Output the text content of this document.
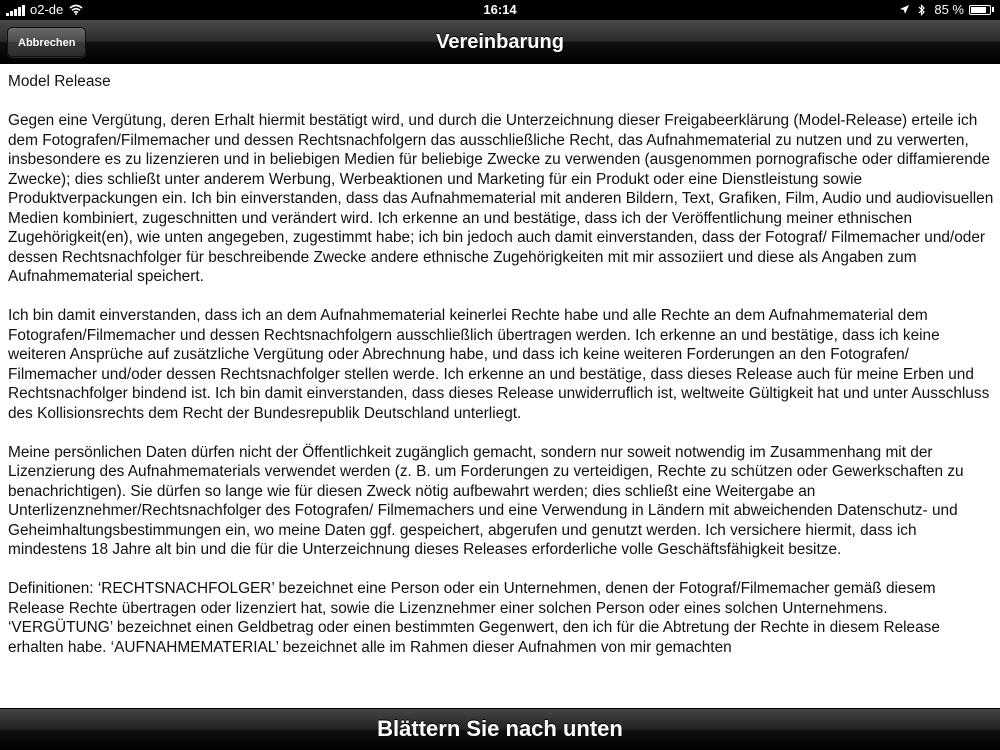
o2-de	16:14	85 %
Abbrechen	Vereinbarung
Model Release

Gegen eine Vergütung, deren Erhalt hiermit bestätigt wird, und durch die Unterzeichnung dieser Freigabeerklärung (Model-Release) erteile ich dem Fotografen/Filmemacher und dessen Rechtsnachfolgern das ausschließliche Recht, das Aufnahmematerial zu nutzen und zu verwerten, insbesondere es zu lizenzieren und in beliebigen Medien für beliebige Zwecke zu verwenden (ausgenommen pornografische oder diffamierende Zwecke); dies schließt unter anderem Werbung, Werbeaktionen und Marketing für ein Produkt oder eine Dienstleistung sowie Produktverpackungen ein. Ich bin einverstanden, dass das Aufnahmematerial mit anderen Bildern, Text, Grafiken, Film, Audio und audiovisuellen Medien kombiniert, zugeschnitten und verändert wird. Ich erkenne an und bestätige, dass ich der Veröffentlichung meiner ethnischen Zugehörigkeit(en), wie unten angegeben, zugestimmt habe; ich bin jedoch auch damit einverstanden, dass der Fotograf/ Filmemacher und/oder dessen Rechtsnachfolger für beschreibende Zwecke andere ethnische Zugehörigkeiten mit mir assoziiert und diese als Angaben zum Aufnahmematerial speichert.

Ich bin damit einverstanden, dass ich an dem Aufnahmematerial keinerlei Rechte habe und alle Rechte an dem Aufnahmematerial dem Fotografen/Filmemacher und dessen Rechtsnachfolgern ausschließlich übertragen werden. Ich erkenne an und bestätige, dass ich keine weiteren Ansprüche auf zusätzliche Vergütung oder Abrechnung habe, und dass ich keine weiteren Forderungen an den Fotografen/ Filmemacher und/oder dessen Rechtsnachfolger stellen werde. Ich erkenne an und bestätige, dass dieses Release auch für meine Erben und Rechtsnachfolger bindend ist. Ich bin damit einverstanden, dass dieses Release unwiderruflich ist, weltweite Gültigkeit hat und unter Ausschluss des Kollisionsrechts dem Recht der Bundesrepublik Deutschland unterliegt.

Meine persönlichen Daten dürfen nicht der Öffentlichkeit zugänglich gemacht, sondern nur soweit notwendig im Zusammenhang mit der Lizenzierung des Aufnahmematerials verwendet werden (z. B. um Forderungen zu verteidigen, Rechte zu schützen oder Gewerkschaften zu benachrichtigen). Sie dürfen so lange wie für diesen Zweck nötig aufbewahrt werden; dies schließt eine Weitergabe an Unterlizenznehmer/Rechtsnachfolger des Fotografen/ Filmemachers und eine Verwendung in Ländern mit abweichenden Datenschutz- und Geheimhaltungsbestimmungen ein, wo meine Daten ggf. gespeichert, abgerufen und genutzt werden. Ich versichere hiermit, dass ich mindestens 18 Jahre alt bin und die für die Unterzeichnung dieses Releases erforderliche volle Geschäftsfähigkeit besitze.

Definitionen: ‘RECHTSNACHFOLGER’ bezeichnet eine Person oder ein Unternehmen, denen der Fotograf/Filmemacher gemäß diesem Release Rechte übertragen oder lizenziert hat, sowie die Lizenznehmer einer solchen Person oder eines solchen Unternehmens. ‘VERGÜTUNG’ bezeichnet einen Geldbetrag oder einen bestimmten Gegenwert, den ich für die Abtretung der Rechte in diesem Release erhalten habe. ‘AUFNAHMEMATERIAL’ bezeichnet alle im Rahmen dieser Aufnahmen von mir gemachten

Blättern Sie nach unten
